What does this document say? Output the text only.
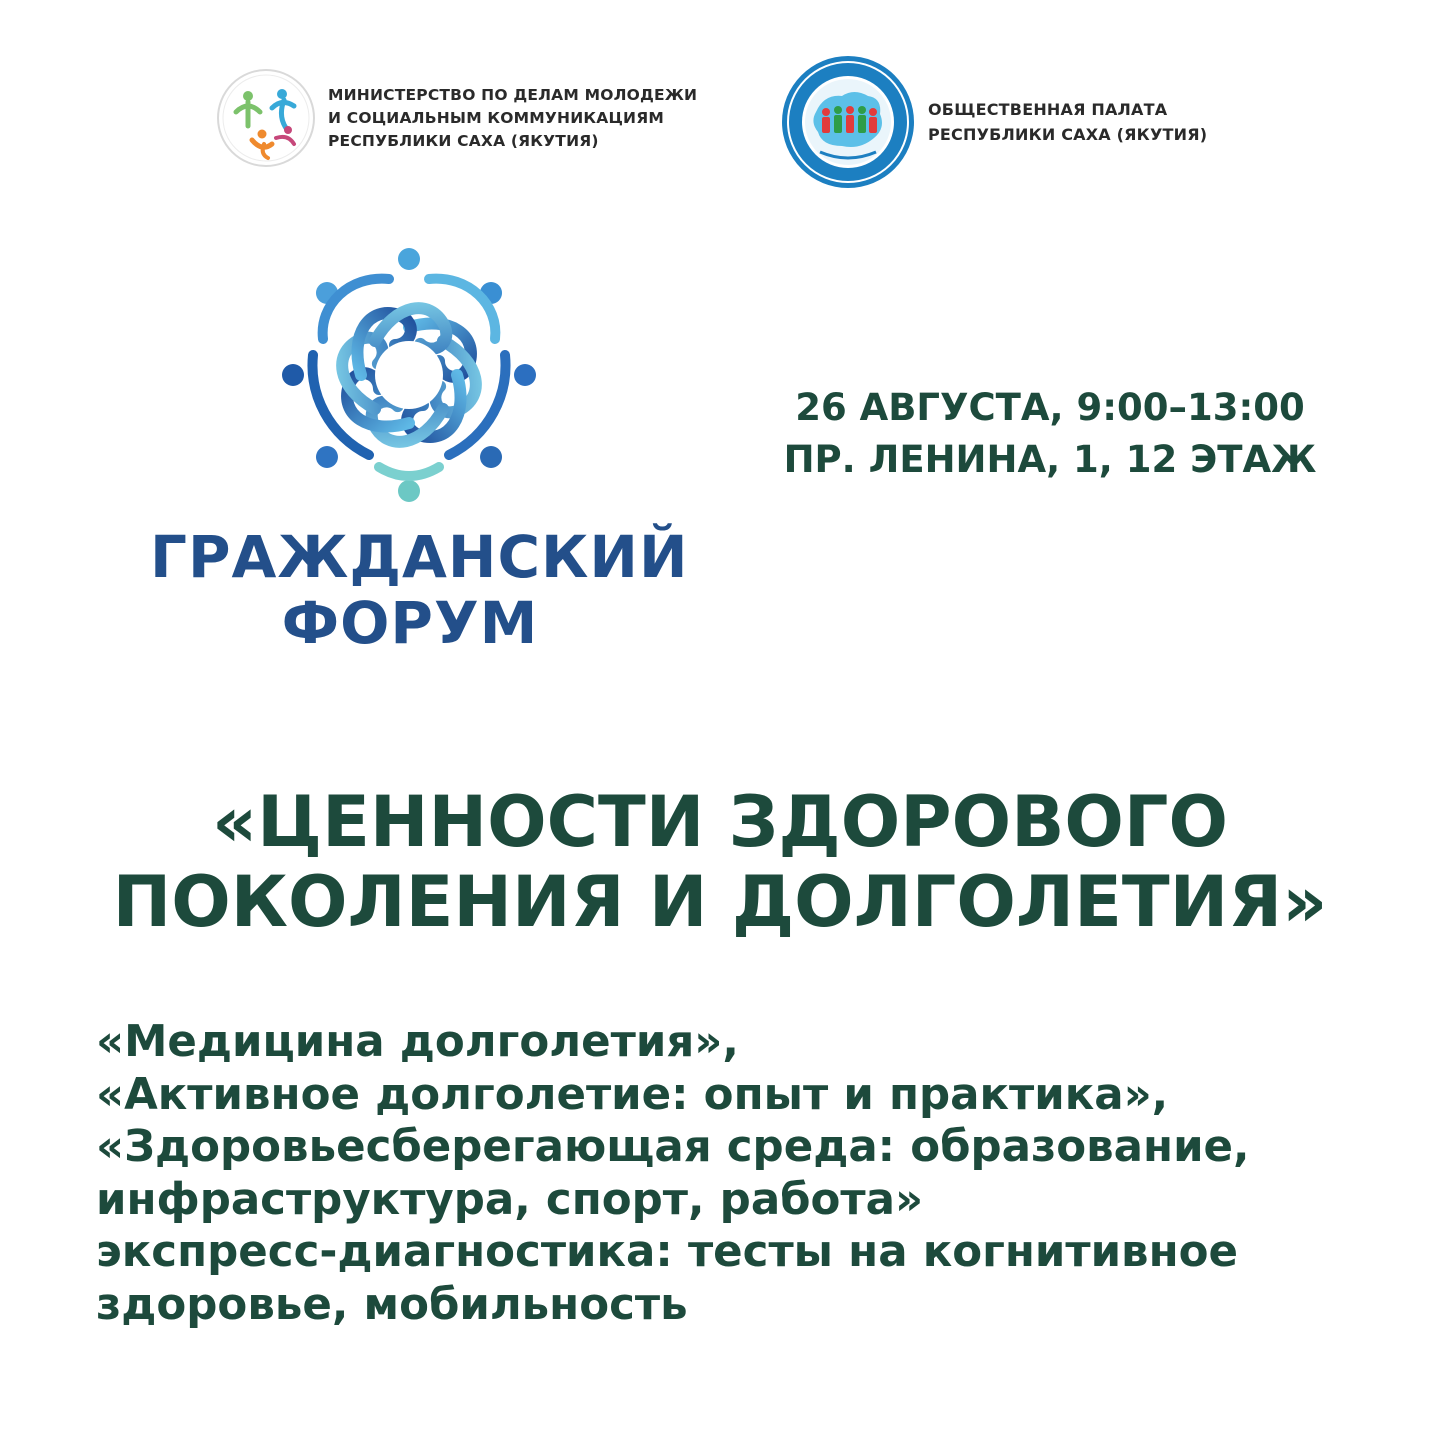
МИНИСТЕРСТВО ПО ДЕЛАМ МОЛОДЕЖИ
И СОЦИАЛЬНЫМ КОММУНИКАЦИЯМ
РЕСПУБЛИКИ САХА (ЯКУТИЯ)
ОБЩЕСТВЕННАЯ ПАЛАТА
РЕСПУБЛИКИ САХА (ЯКУТИЯ)
ГРАЖДАНСКИЙ
ФОРУМ
26 АВГУСТА, 9:00–13:00
ПР. ЛЕНИНА, 1, 12 ЭТАЖ
«ЦЕННОСТИ ЗДОРОВОГО
ПОКОЛЕНИЯ И ДОЛГОЛЕТИЯ»
«Медицина долголетия»,
«Активное долголетие: опыт и практика»,
«Здоровьесберегающая среда: образование,
инфраструктура, спорт, работа»
экспресс-диагностика: тесты на когнитивное
здоровье, мобильность
